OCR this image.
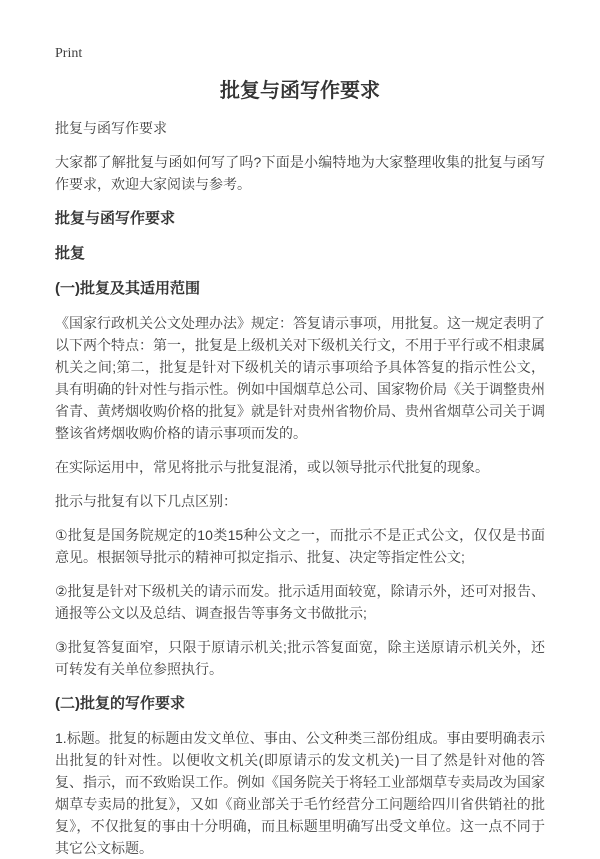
Print
批复与函写作要求

批复与函写作要求

大家都了解批复与函如何写了吗?下面是小编特地为大家整理收集的批复与函写作要求，欢迎大家阅读与参考。

批复与函写作要求

批复

(一)批复及其适用范围

《国家行政机关公文处理办法》规定：答复请示事项，用批复。这一规定表明了以下两个特点：第一，批复是上级机关对下级机关行文，不用于平行或不相隶属机关之间;第二，批复是针对下级机关的请示事项给予具体答复的指示性公文，具有明确的针对性与指示性。例如中国烟草总公司、国家物价局《关于调整贵州省青、黄烤烟收购价格的批复》就是针对贵州省物价局、贵州省烟草公司关于调整该省烤烟收购价格的请示事项而发的。

在实际运用中，常见将批示与批复混淆，或以领导批示代批复的现象。

批示与批复有以下几点区别：

①批复是国务院规定的10类15种公文之一，而批示不是正式公文，仅仅是书面意见。根据领导批示的精神可拟定指示、批复、决定等指定性公文;

②批复是针对下级机关的请示而发。批示适用面较宽，除请示外，还可对报告、通报等公文以及总结、调查报告等事务文书做批示;

③批复答复面窄，只限于原请示机关;批示答复面宽，除主送原请示机关外，还可转发有关单位参照执行。

(二)批复的写作要求

1.标题。批复的标题由发文单位、事由、公文种类三部份组成。事由要明确表示出批复的针对性。以便收文机关(即原请示的发文机关)一目了然是针对他的答复、指示，而不致贻误工作。例如《国务院关于将轻工业部烟草专卖局改为国家烟草专卖局的批复》，又如《商业部关于毛竹经营分工问题给四川省供销社的批复》，不仅批复的事由十分明确，而且标题里明确写出受文单位。这一点不同于其它公文标题。
